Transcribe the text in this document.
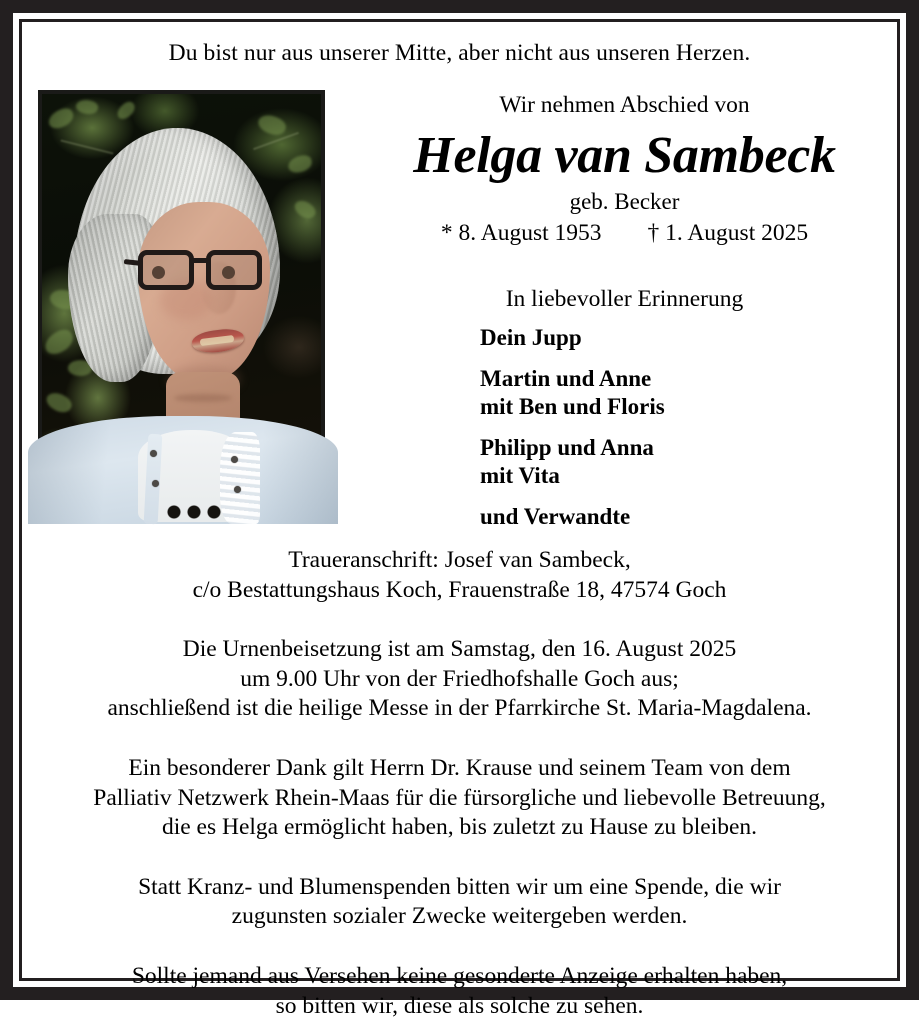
Du bist nur aus unserer Mitte, aber nicht aus unseren Herzen.
Wir nehmen Abschied von
Helga van Sambeck
geb. Becker
* 8. August 1953 † 1. August 2025
In liebevoller Erinnerung
Dein Jupp
Martin und Anne
mit Ben und Floris
Philipp und Anna
mit Vita
und Verwandte

Traueranschrift: Josef van Sambeck,

c/o Bestattungshaus Koch, Frauenstraße 18, 47574 Goch

Die Urnenbeisetzung ist am Samstag, den 16. August 2025

um 9.00 Uhr von der Friedhofshalle Goch aus;

anschließend ist die heilige Messe in der Pfarrkirche St. Maria-Magdalena.

Ein besonderer Dank gilt Herrn Dr. Krause und seinem Team von dem

Palliativ Netzwerk Rhein-Maas für die fürsorgliche und liebevolle Betreuung,

die es Helga ermöglicht haben, bis zuletzt zu Hause zu bleiben.

Statt Kranz- und Blumenspenden bitten wir um eine Spende, die wir

zugunsten sozialer Zwecke weitergeben werden.

Sollte jemand aus Versehen keine gesonderte Anzeige erhalten haben,

so bitten wir, diese als solche zu sehen.
